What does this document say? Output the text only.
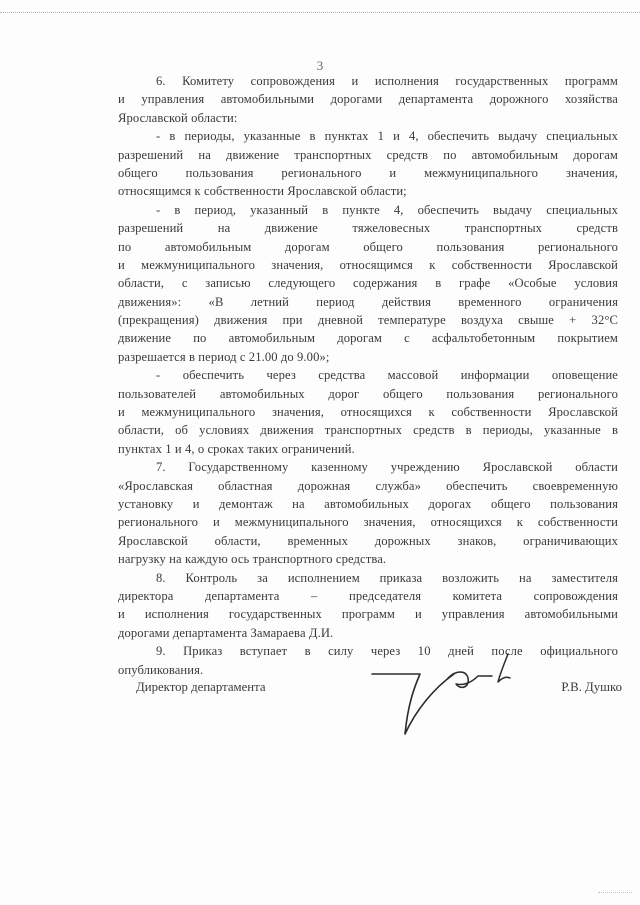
3

6. Комитету сопровождения и исполнения государственных программ
и управления автомобильными дорогами департамента дорожного хозяйства
Ярославской области:

- в периоды, указанные в пунктах 1 и 4, обеспечить выдачу специальных
разрешений на движение транспортных средств по автомобильным дорогам
общего пользования регионального и межмуниципального значения,
относящимся к собственности Ярославской области;

- в период, указанный в пункте 4, обеспечить выдачу специальных
разрешений на движение тяжеловесных транспортных средств
по автомобильным дорогам общего пользования регионального
и межмуниципального значения, относящимся к собственности Ярославской
области, с записью следующего содержания в графе «Особые условия
движения»: «В летний период действия временного ограничения
(прекращения) движения при дневной температуре воздуха свыше + 32°С
движение по автомобильным дорогам с асфальтобетонным покрытием
разрешается в период с 21.00 до 9.00»;

- обеспечить через средства массовой информации оповещение
пользователей автомобильных дорог общего пользования регионального
и межмуниципального значения, относящихся к собственности Ярославской
области, об условиях движения транспортных средств в периоды, указанные в
пунктах 1 и 4, о сроках таких ограничений.

7. Государственному казенному учреждению Ярославской области
«Ярославская областная дорожная служба» обеспечить своевременную
установку и демонтаж на автомобильных дорогах общего пользования
регионального и межмуниципального значения, относящихся к собственности
Ярославской области, временных дорожных знаков, ограничивающих
нагрузку на каждую ось транспортного средства.

8. Контроль за исполнением приказа возложить на заместителя
директора департамента – председателя комитета сопровождения
и исполнения государственных программ и управления автомобильными
дорогами департамента Замараева Д.И.

9. Приказ вступает в силу через 10 дней после официального
опубликования.

Директор департамента	Р.В. Душко
